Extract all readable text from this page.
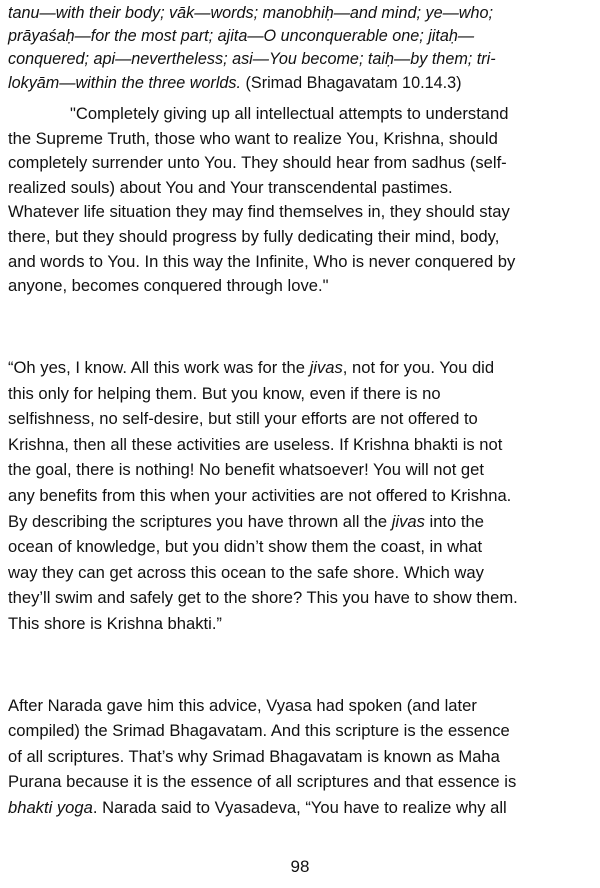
tanu—with their body; vāk—words; manobhiḥ—and mind; ye—who;
prāyaśaḥ—for the most part; ajita—O unconquerable one; jitaḥ—
conquered; api—nevertheless; asi—You become; taiḥ—by them; tri-
lokyām—within the three worlds. (Srimad Bhagavatam 10.14.3)

"Completely giving up all intellectual attempts to understand
the Supreme Truth, those who want to realize You, Krishna, should
completely surrender unto You. They should hear from sadhus (self-
realized souls) about You and Your transcendental pastimes.
Whatever life situation they may find themselves in, they should stay
there, but they should progress by fully dedicating their mind, body,
and words to You. In this way the Infinite, Who is never conquered by
anyone, becomes conquered through love."

“Oh yes, I know. All this work was for the jivas, not for you. You did
this only for helping them. But you know, even if there is no
selfishness, no self-desire, but still your efforts are not offered to
Krishna, then all these activities are useless. If Krishna bhakti is not
the goal, there is nothing! No benefit whatsoever! You will not get
any benefits from this when your activities are not offered to Krishna.
By describing the scriptures you have thrown all the jivas into the
ocean of knowledge, but you didn’t show them the coast, in what
way they can get across this ocean to the safe shore. Which way
they’ll swim and safely get to the shore? This you have to show them.
This shore is Krishna bhakti.”

After Narada gave him this advice, Vyasa had spoken (and later
compiled) the Srimad Bhagavatam. And this scripture is the essence
of all scriptures. That’s why Srimad Bhagavatam is known as Maha
Purana because it is the essence of all scriptures and that essence is
bhakti yoga. Narada said to Vyasadeva, “You have to realize why all

98
